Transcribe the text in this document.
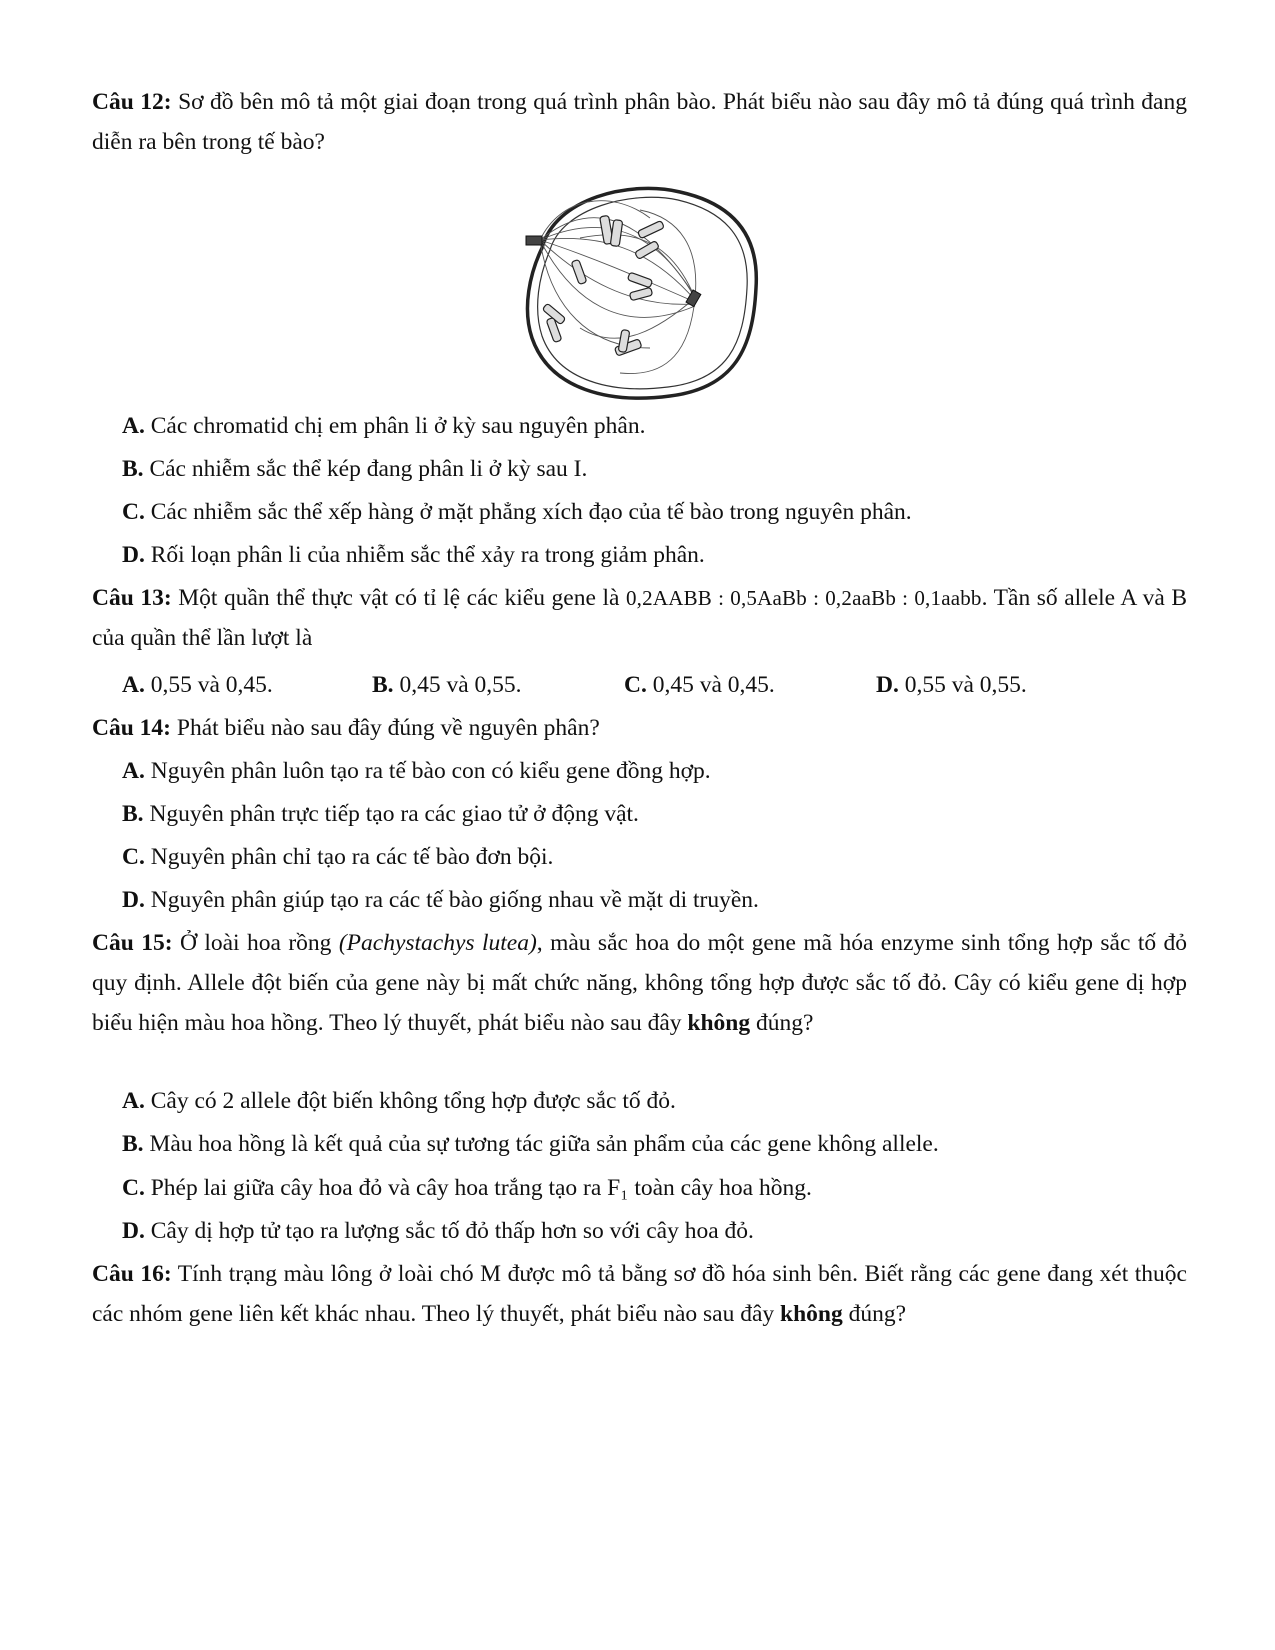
Câu 12: Sơ đồ bên mô tả một giai đoạn trong quá trình phân bào. Phát biểu nào sau đây mô tả đúng quá trình đang diễn ra bên trong tế bào?
A. Các chromatid chị em phân li ở kỳ sau nguyên phân.
B. Các nhiễm sắc thể kép đang phân li ở kỳ sau I.
C. Các nhiễm sắc thể xếp hàng ở mặt phẳng xích đạo của tế bào trong nguyên phân.
D. Rối loạn phân li của nhiễm sắc thể xảy ra trong giảm phân.
Câu 13: Một quần thể thực vật có tỉ lệ các kiểu gene là 0,2AABB : 0,5AaBb : 0,2aaBb : 0,1aabb. Tần số allele A và B của quần thể lần lượt là
A. 0,55 và 0,45.	B. 0,45 và 0,55.	C. 0,45 và 0,45.	D. 0,55 và 0,55.
Câu 14: Phát biểu nào sau đây đúng về nguyên phân?
A. Nguyên phân luôn tạo ra tế bào con có kiểu gene đồng hợp.
B. Nguyên phân trực tiếp tạo ra các giao tử ở động vật.
C. Nguyên phân chỉ tạo ra các tế bào đơn bội.
D. Nguyên phân giúp tạo ra các tế bào giống nhau về mặt di truyền.
Câu 15: Ở loài hoa rồng (Pachystachys lutea), màu sắc hoa do một gene mã hóa enzyme sinh tổng hợp sắc tố đỏ quy định. Allele đột biến của gene này bị mất chức năng, không tổng hợp được sắc tố đỏ. Cây có kiểu gene dị hợp biểu hiện màu hoa hồng. Theo lý thuyết, phát biểu nào sau đây không đúng?
A. Cây có 2 allele đột biến không tổng hợp được sắc tố đỏ.
B. Màu hoa hồng là kết quả của sự tương tác giữa sản phẩm của các gene không allele.
C. Phép lai giữa cây hoa đỏ và cây hoa trắng tạo ra F₁ toàn cây hoa hồng.
D. Cây dị hợp tử tạo ra lượng sắc tố đỏ thấp hơn so với cây hoa đỏ.
Câu 16: Tính trạng màu lông ở loài chó M được mô tả bằng sơ đồ hóa sinh bên. Biết rằng các gene đang xét thuộc các nhóm gene liên kết khác nhau. Theo lý thuyết, phát biểu nào sau đây không đúng?
